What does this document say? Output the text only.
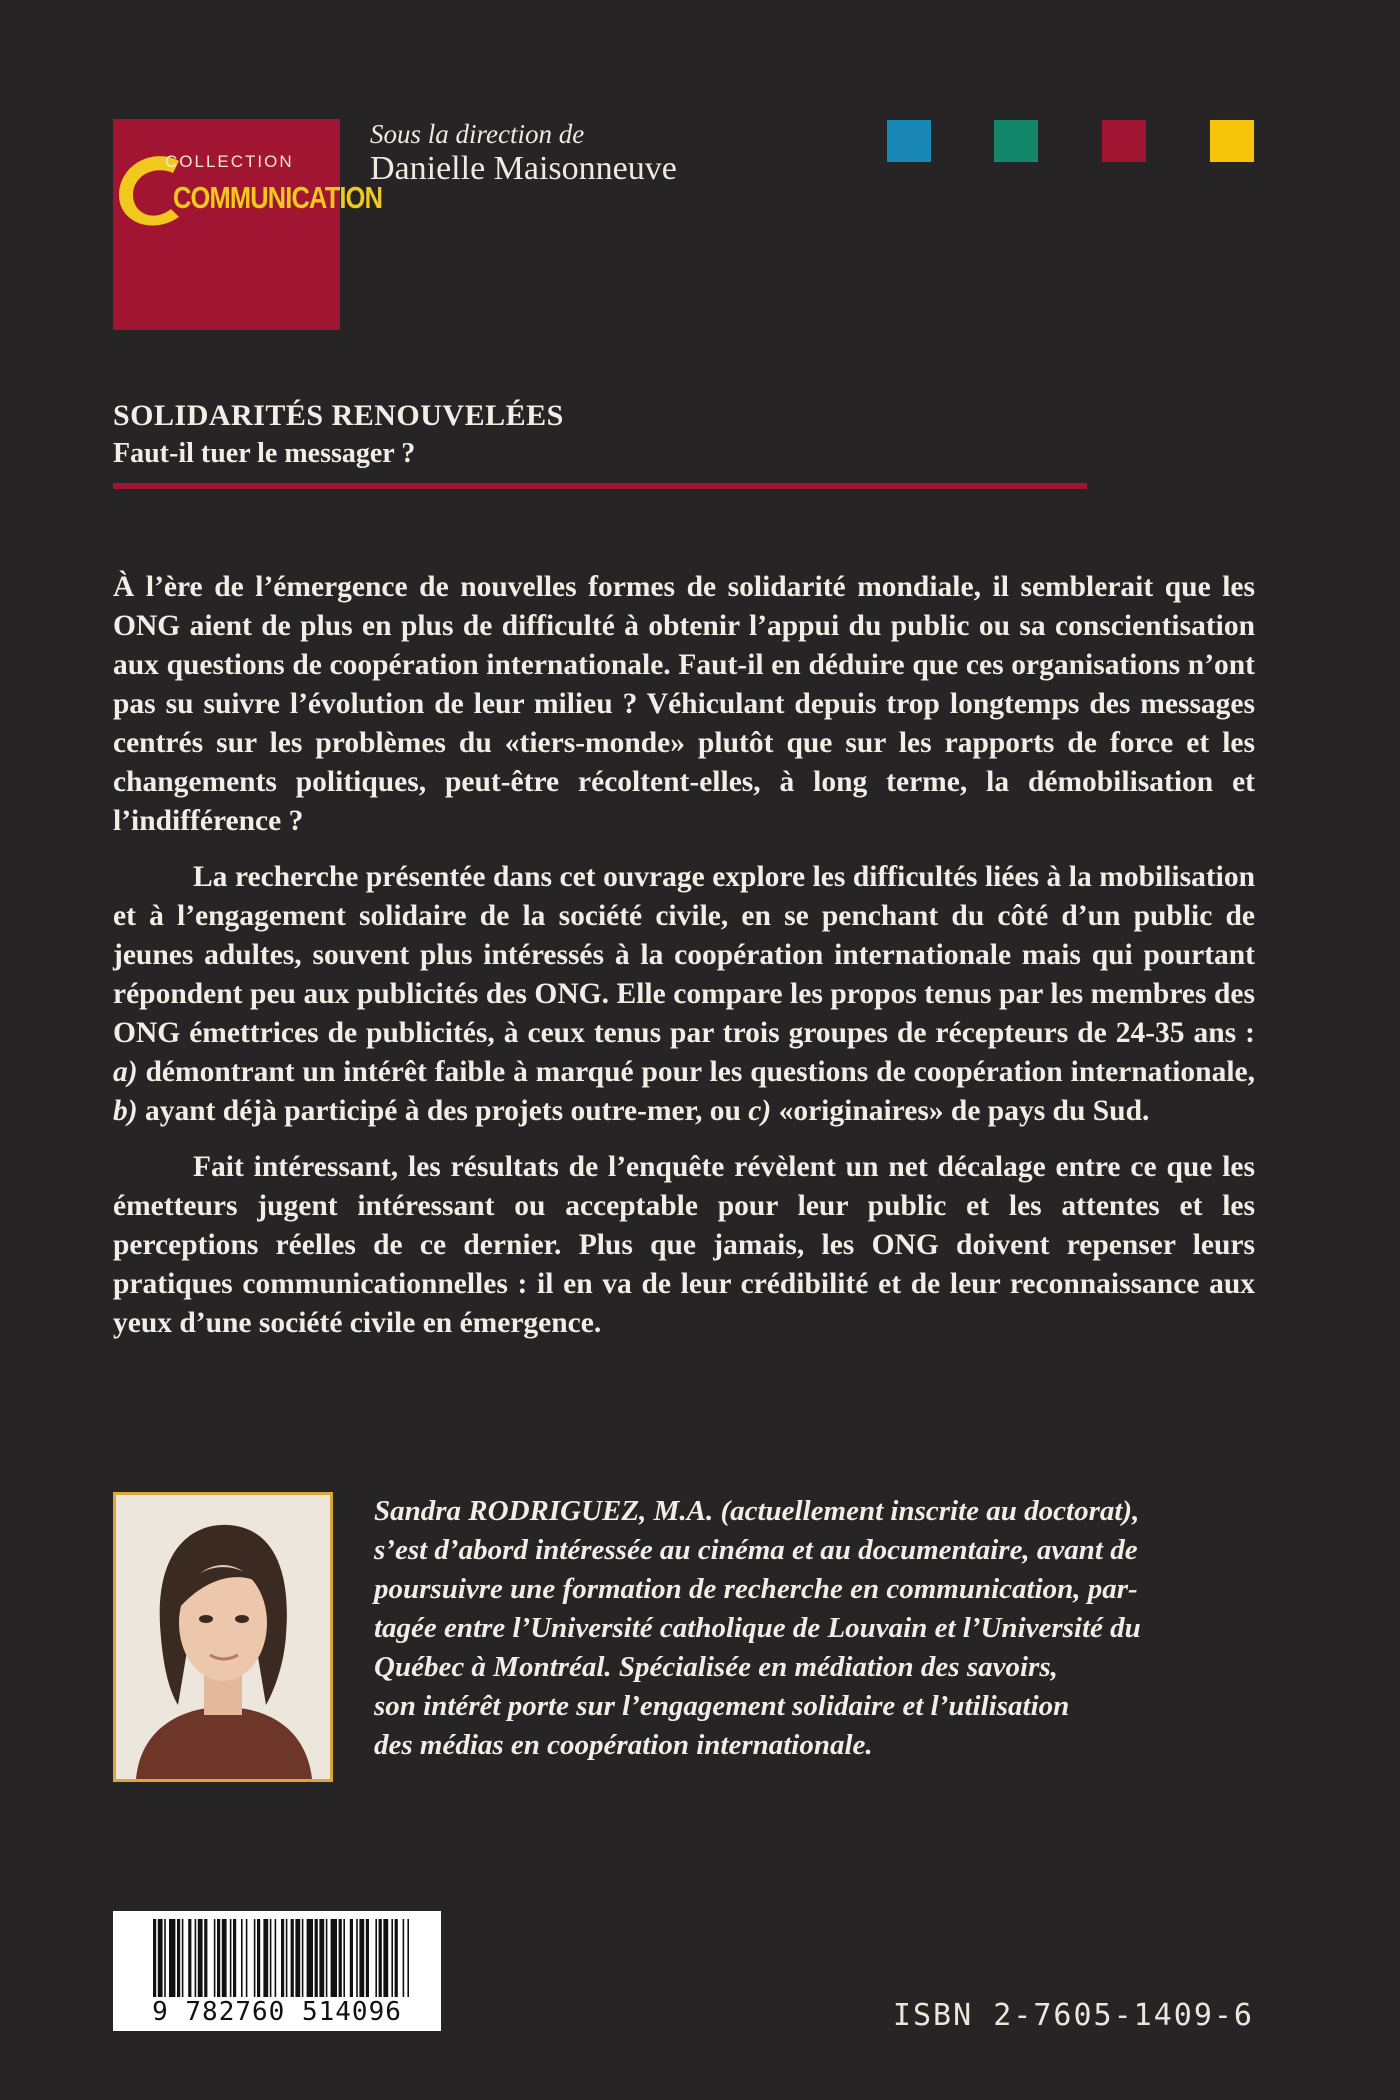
COLLECTION
COMMUNICATION
Sous la direction de
Danielle Maisonneuve
SOLIDARITÉS RENOUVELÉES
Faut-il tuer le messager ?

À l’ère de l’émergence de nouvelles formes de solidarité mondiale, il semblerait que les ONG aient de plus en plus de difficulté à obtenir l’appui du public ou sa conscientisation aux questions de coopération internationale. Faut-il en déduire que ces organisations n’ont pas su suivre l’évolution de leur milieu ? Véhiculant depuis trop longtemps des messages centrés sur les problèmes du «tiers-monde» plutôt que sur les rapports de force et les changements politiques, peut-être récoltent-elles, à long terme, la démobilisation et l’indifférence ?

La recherche présentée dans cet ouvrage explore les difficultés liées à la mobilisation et à l’engagement solidaire de la société civile, en se penchant du côté d’un public de jeunes adultes, souvent plus intéressés à la coopération internationale mais qui pourtant répondent peu aux publicités des ONG. Elle compare les propos tenus par les membres des ONG émettrices de publicités, à ceux tenus par trois groupes de récepteurs de 24-35 ans : a) démontrant un intérêt faible à marqué pour les questions de coopération internationale, b) ayant déjà participé à des projets outre-mer, ou c) «originaires» de pays du Sud.

Fait intéressant, les résultats de l’enquête révèlent un net décalage entre ce que les émetteurs jugent intéressant ou acceptable pour leur public et les attentes et les perceptions réelles de ce dernier. Plus que jamais, les ONG doivent repenser leurs pratiques communicationnelles : il en va de leur crédibilité et de leur reconnaissance aux yeux d’une société civile en émergence.

Sandra RODRIGUEZ, M.A. (actuellement inscrite au doctorat),
s’est d’abord intéressée au cinéma et au documentaire, avant de
poursuivre une formation de recherche en communication, par-
tagée entre l’Université catholique de Louvain et l’Université du
Québec à Montréal. Spécialisée en médiation des savoirs,
son intérêt porte sur l’engagement solidaire et l’utilisation
des médias en coopération internationale.
9 782760 514096	ISBN 2-7605-1409-6
